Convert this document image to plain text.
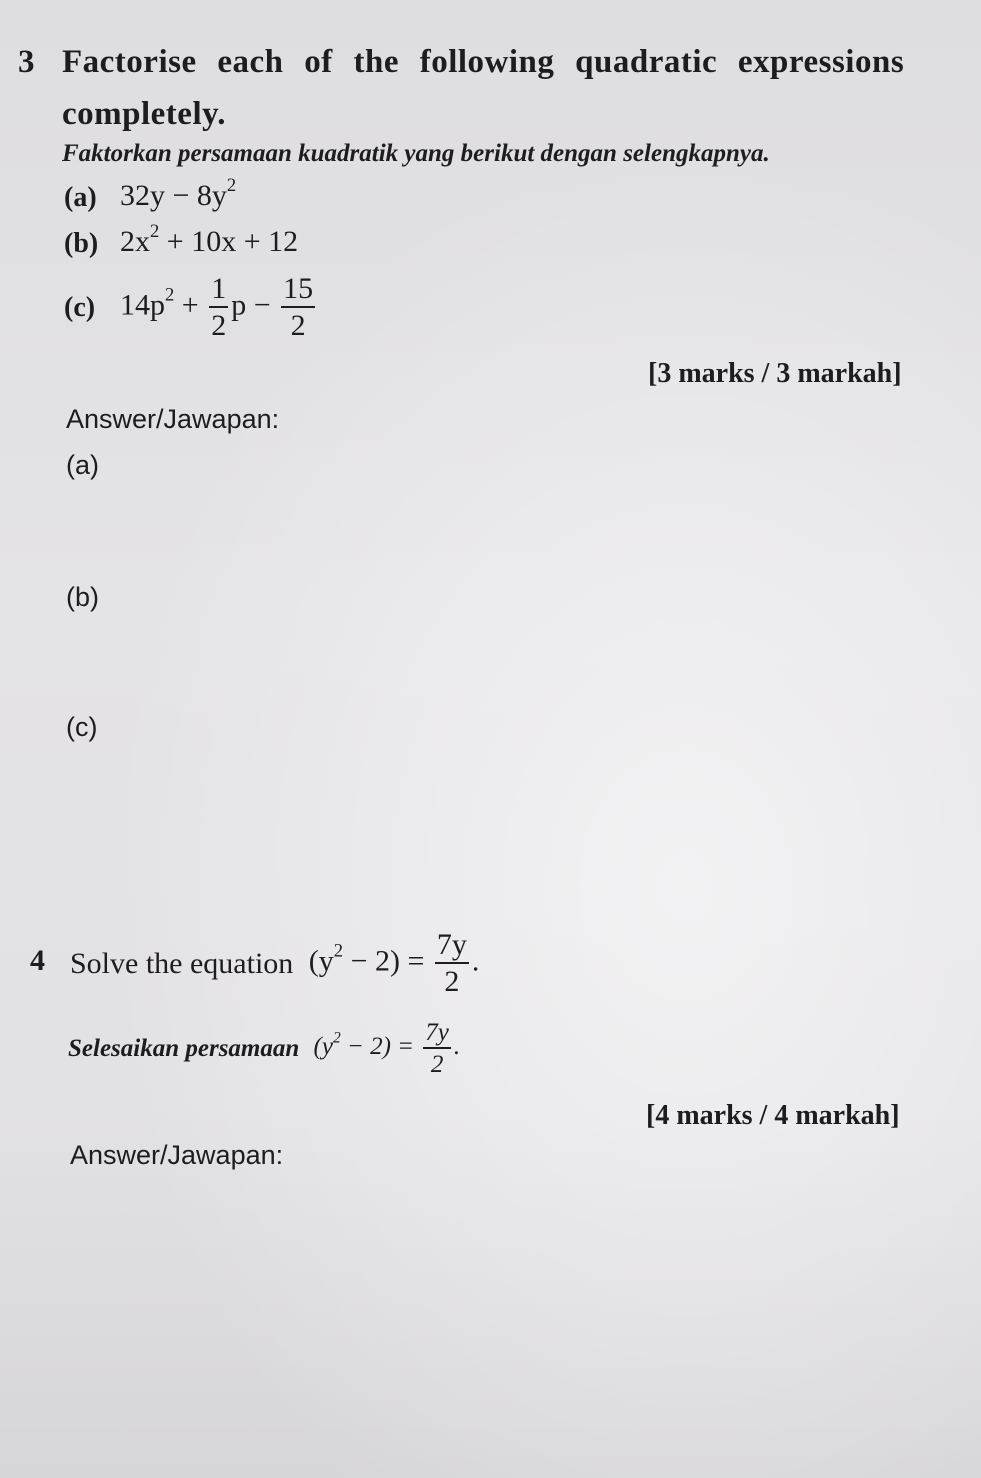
3 Factorise each of the following quadratic expressions
completely.
Faktorkan persamaan kuadratik yang berikut dengan selengkapnya.
(a) $32y - 8y^2$
(b) $2x^2 + 10x + 12$
(c) $14p^2 + \frac{1}{2}$ $p - \frac{15}{2}$
[3 marks / 3 markah]
Answer/Jawapan:
(a)
(b)
(c)
4 Solve the equation $(y^2 - 2) = \frac{7y}{2}$ .
Selesaikan persamaan $(y^2 - 2) = \frac{7y}{2}$ .
[4 marks / 4 markah]
Answer/Jawapan:
